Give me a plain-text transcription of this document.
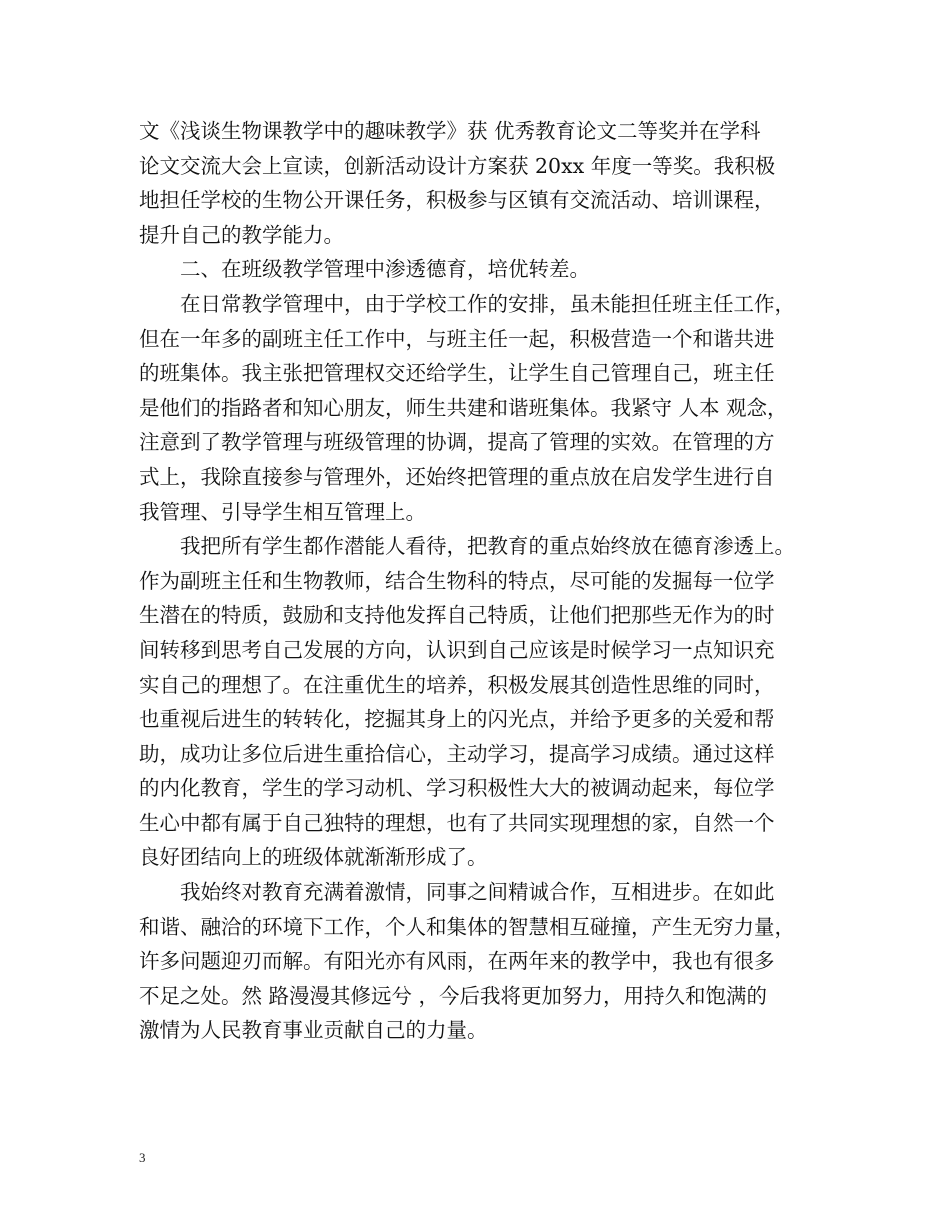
文《浅谈生物课教学中的趣味教学》获 优秀教育论文二等奖并在学科
论文交流大会上宣读，创新活动设计方案获 20xx 年度一等奖。我积极
地担任学校的生物公开课任务，积极参与区镇有交流活动、培训课程，
提升自己的教学能力。
二、在班级教学管理中渗透德育，培优转差。
在日常教学管理中，由于学校工作的安排，虽未能担任班主任工作，
但在一年多的副班主任工作中，与班主任一起，积极营造一个和谐共进
的班集体。我主张把管理权交还给学生，让学生自己管理自己，班主任
是他们的指路者和知心朋友，师生共建和谐班集体。我紧守 人本 观念，
注意到了教学管理与班级管理的协调，提高了管理的实效。在管理的方
式上，我除直接参与管理外，还始终把管理的重点放在启发学生进行自
我管理、引导学生相互管理上。
我把所有学生都作潜能人看待，把教育的重点始终放在德育渗透上。
作为副班主任和生物教师，结合生物科的特点，尽可能的发掘每一位学
生潜在的特质，鼓励和支持他发挥自己特质，让他们把那些无作为的时
间转移到思考自己发展的方向，认识到自己应该是时候学习一点知识充
实自己的理想了。在注重优生的培养，积极发展其创造性思维的同时，
也重视后进生的转转化，挖掘其身上的闪光点，并给予更多的关爱和帮
助，成功让多位后进生重拾信心，主动学习，提高学习成绩。通过这样
的内化教育，学生的学习动机、学习积极性大大的被调动起来，每位学
生心中都有属于自己独特的理想，也有了共同实现理想的家，自然一个
良好团结向上的班级体就渐渐形成了。
我始终对教育充满着激情，同事之间精诚合作，互相进步。在如此
和谐、融洽的环境下工作，个人和集体的智慧相互碰撞，产生无穷力量，
许多问题迎刃而解。有阳光亦有风雨，在两年来的教学中，我也有很多
不足之处。然 路漫漫其修远兮 ，今后我将更加努力，用持久和饱满的
激情为人民教育事业贡献自己的力量。
3
